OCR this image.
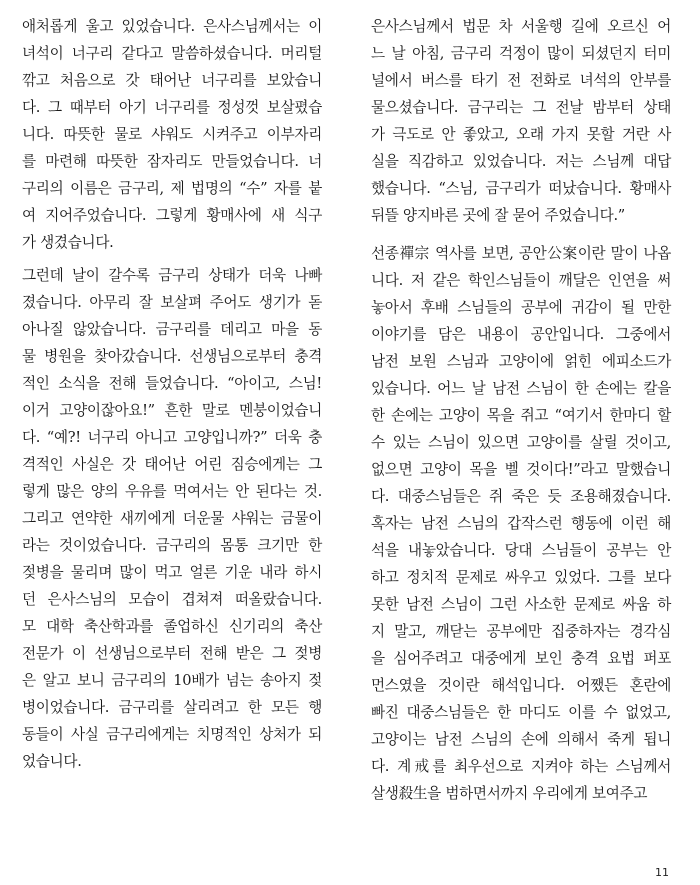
애처롭게 울고 있었습니다. 은사스님께서는 이
녀석이 너구리 같다고 말씀하셨습니다. 머리털
깎고 처음으로 갓 태어난 너구리를 보았습니
다. 그 때부터 아기 너구리를 정성껏 보살폈습
니다. 따뜻한 물로 샤워도 시켜주고 이부자리
를 마련해 따뜻한 잠자리도 만들었습니다. 너
구리의 이름은 금구리, 제 법명의 “수” 자를 붙
여 지어주었습니다. 그렇게 황매사에 새 식구
가 생겼습니다.
그런데 날이 갈수록 금구리 상태가 더욱 나빠
졌습니다. 아무리 잘 보살펴 주어도 생기가 돋
아나질 않았습니다. 금구리를 데리고 마을 동
물 병원을 찾아갔습니다. 선생님으로부터 충격
적인 소식을 전해 들었습니다. “아이고, 스님!
이거 고양이잖아요!” 흔한 말로 멘붕이었습니
다. “예?! 너구리 아니고 고양입니까?” 더욱 충
격적인 사실은 갓 태어난 어린 짐승에게는 그
렇게 많은 양의 우유를 먹여서는 안 된다는 것.
그리고 연약한 새끼에게 더운물 샤워는 금물이
라는 것이었습니다. 금구리의 몸통 크기만 한
젖병을 물리며 많이 먹고 얼른 기운 내라 하시
던 은사스님의 모습이 겹쳐져 떠올랐습니다.
모 대학 축산학과를 졸업하신 신기리의 축산
전문가 이 선생님으로부터 전해 받은 그 젖병
은 알고 보니 금구리의 10배가 넘는 송아지 젖
병이었습니다. 금구리를 살리려고 한 모든 행
동들이 사실 금구리에게는 치명적인 상처가 되
었습니다.
은사스님께서 법문 차 서울행 길에 오르신 어
느 날 아침, 금구리 걱정이 많이 되셨던지 터미
널에서 버스를 타기 전 전화로 녀석의 안부를
물으셨습니다. 금구리는 그 전날 밤부터 상태
가 극도로 안 좋았고, 오래 가지 못할 거란 사
실을 직감하고 있었습니다. 저는 스님께 대답
했습니다. “스님, 금구리가 떠났습니다. 황매사
뒤뜰 양지바른 곳에 잘 묻어 주었습니다.”
선종禪宗 역사를 보면, 공안公案이란 말이 나옵
니다. 저 같은 학인스님들이 깨달은 인연을 써
놓아서 후배 스님들의 공부에 귀감이 될 만한
이야기를 담은 내용이 공안입니다. 그중에서
남전 보원 스님과 고양이에 얽힌 에피소드가
있습니다. 어느 날 남전 스님이 한 손에는 칼을
한 손에는 고양이 목을 쥐고 “여기서 한마디 할
수 있는 스님이 있으면 고양이를 살릴 것이고,
없으면 고양이 목을 벨 것이다!”라고 말했습니
다. 대중스님들은 쥐 죽은 듯 조용해졌습니다.
혹자는 남전 스님의 갑작스런 행동에 이런 해
석을 내놓았습니다. 당대 스님들이 공부는 안
하고 정치적 문제로 싸우고 있었다. 그를 보다
못한 남전 스님이 그런 사소한 문제로 싸움 하
지 말고, 깨닫는 공부에만 집중하자는 경각심
을 심어주려고 대중에게 보인 충격 요법 퍼포
먼스였을 것이란 해석입니다. 어쨌든 혼란에
빠진 대중스님들은 한 마디도 이를 수 없었고,
고양이는 남전 스님의 손에 의해서 죽게 됩니
다. 계戒를 최우선으로 지켜야 하는 스님께서
살생殺生을 범하면서까지 우리에게 보여주고
11
